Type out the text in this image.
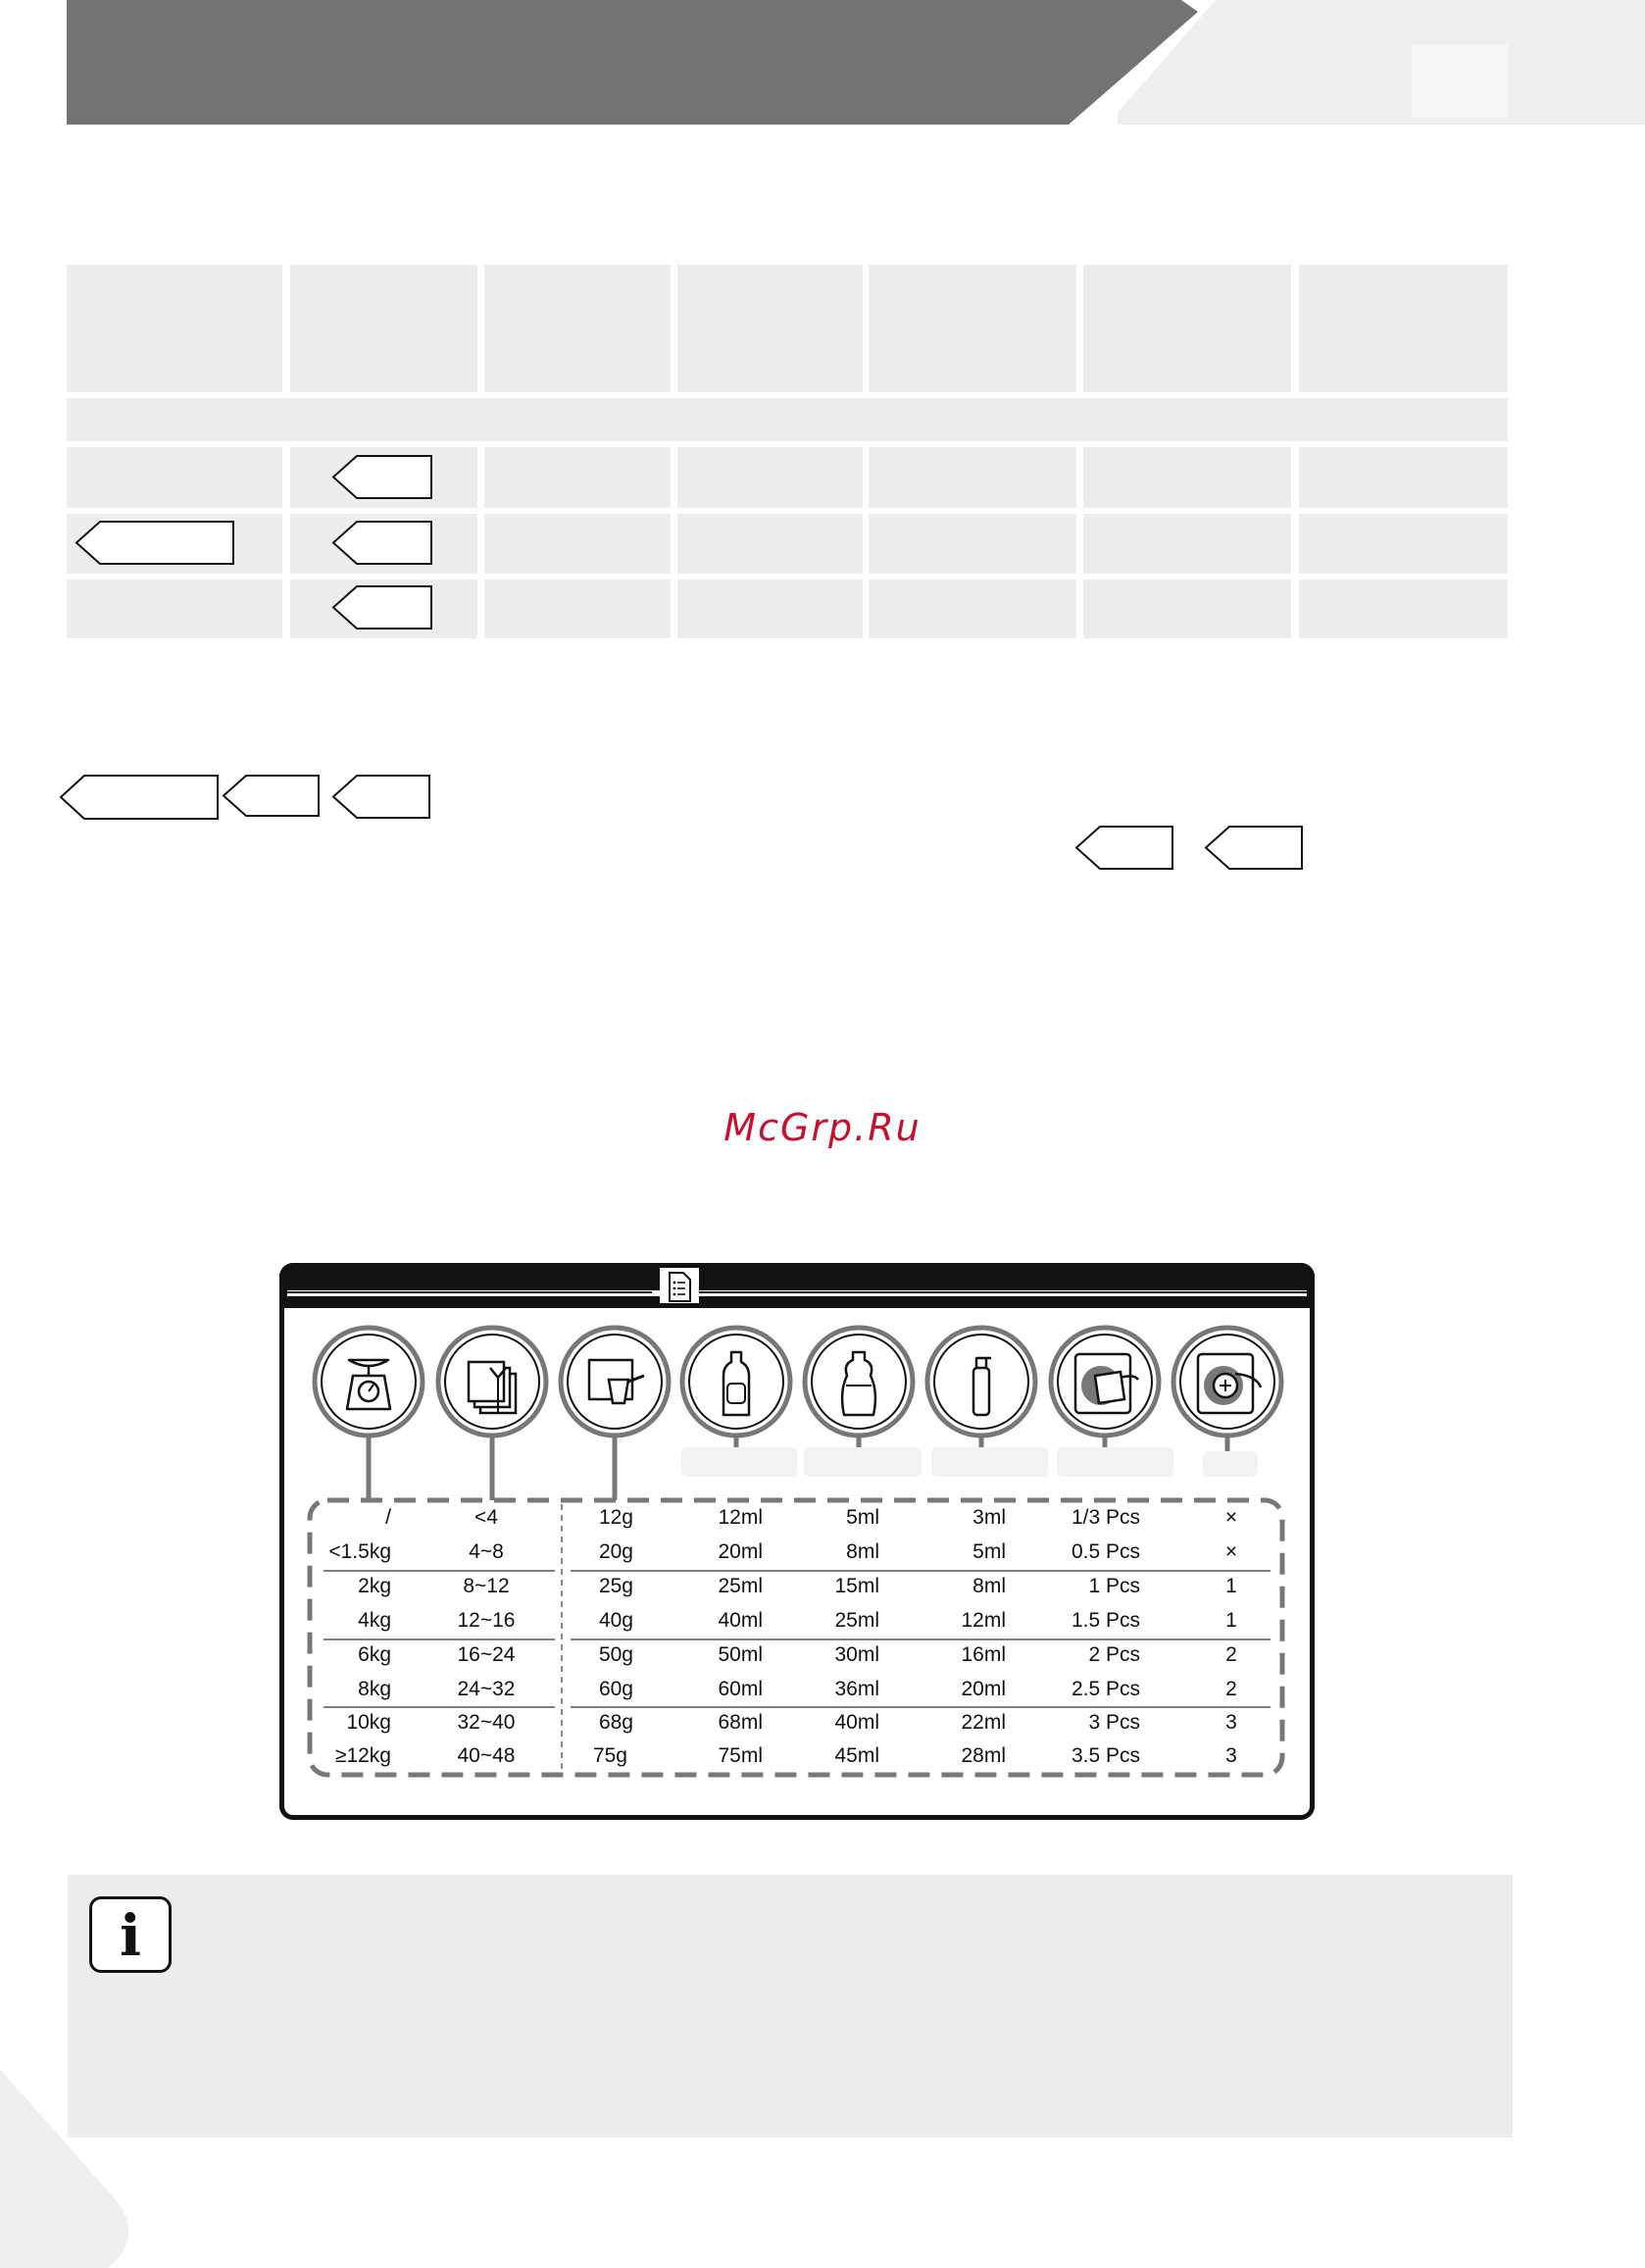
McGrp.Ru
/	<4	12g	12ml	5ml	3ml	1/3 Pcs	×
<1.5kg	4~8	20g	20ml	8ml	5ml	0.5 Pcs	×
2kg	8~12	25g	25ml	15ml	8ml	1 Pcs	1
4kg	12~16	40g	40ml	25ml	12ml	1.5 Pcs	1
6kg	16~24	50g	50ml	30ml	16ml	2 Pcs	2
8kg	24~32	60g	60ml	36ml	20ml	2.5 Pcs	2
10kg	32~40	68g	68ml	40ml	22ml	3 Pcs	3
≥12kg	40~48	75g	75ml	45ml	28ml	3.5 Pcs	3
i
